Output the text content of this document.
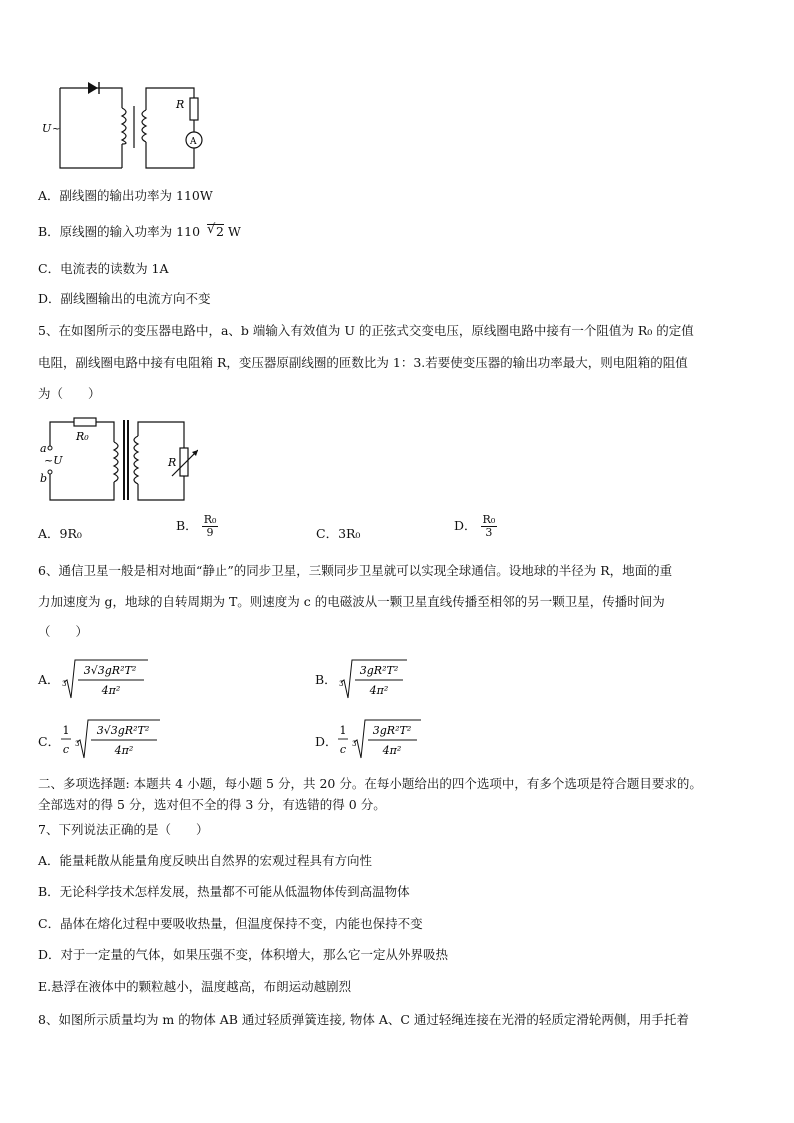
~
U
R
A
A．副线圈的输出功率为 110W
B．原线圈的输入功率为 110 √ 2 W
C．电流表的读数为 1A
D．副线圈输出的电流方向不变
5、在如图所示的变压器电路中，a、b 端输入有效值为 U 的正弦式交变电压，原线圈电路中接有一个阻值为 R₀ 的定值
电阻，副线圈电路中接有电阻箱 R，变压器原副线圈的匝数比为 1：3.若要使变压器的输出功率最大，则电阻箱的阻值
为（　　）
R₀
a
~U
b
R
A．9R₀
B． $\frac{\text{R₀}}{9}$	C．3R₀
D． $\frac{\text{R₀}}{3}$
6、通信卫星一般是相对地面“静止”的同步卫星，三颗同步卫星就可以实现全球通信。设地球的半径为 R，地面的重
力加速度为 g，地球的自转周期为 T。则速度为 c 的电磁波从一颗卫星直线传播至相邻的另一颗卫星，传播时间为
（　　）
A． 3
3√3gR²T²
4π²
B． 3
3gR²T²
4π²
C．
1
c 3
3√3gR²T²
4π²
D．
1
c 3
3gR²T²
4π²
二、多项选择题: 本题共 4 小题，每小题 5 分，共 20 分。在每小题给出的四个选项中，有多个选项是符合题目要求的。
全部选对的得 5 分，选对但不全的得 3 分，有选错的得 0 分。
7、下列说法正确的是（　　）
A．能量耗散从能量角度反映出自然界的宏观过程具有方向性
B．无论科学技术怎样发展，热量都不可能从低温物体传到高温物体
C．晶体在熔化过程中要吸收热量，但温度保持不变，内能也保持不变
D．对于一定量的气体，如果压强不变，体积增大，那么它一定从外界吸热
E.悬浮在液体中的颗粒越小，温度越高，布朗运动越剧烈
8、如图所示质量均为 m 的物体 AB 通过轻质弹簧连接, 物体 A、C 通过轻绳连接在光滑的轻质定滑轮两侧，用手托着
